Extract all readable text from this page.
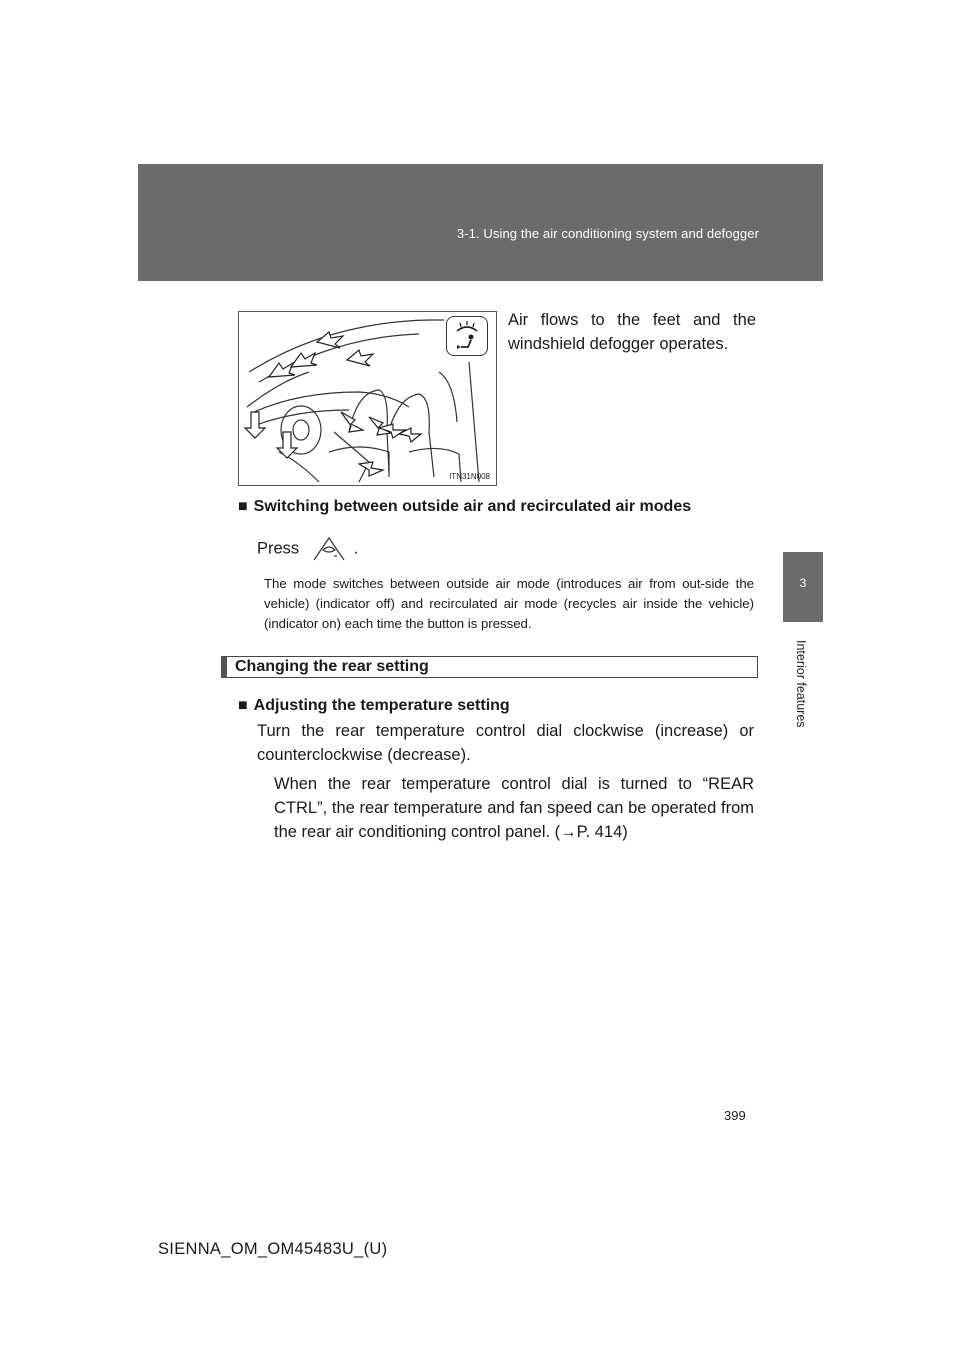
3-1. Using the air conditioning system and defogger
3
Interior features
ITN31N008
Air flows to the feet and the windshield defogger operates.
■ Switching between outside air and recirculated air modes
Press	.
The mode switches between outside air mode (introduces air from out-side the vehicle) (indicator off) and recirculated air mode (recycles air inside the vehicle) (indicator on) each time the button is pressed.
Changing the rear setting
■ Adjusting the temperature setting
Turn the rear temperature control dial clockwise (increase) or counterclockwise (decrease).
When the rear temperature control dial is turned to “REAR CTRL”, the rear temperature and fan speed can be operated from the rear air conditioning control panel. (→P. 414)
399
SIENNA_OM_OM45483U_(U)
